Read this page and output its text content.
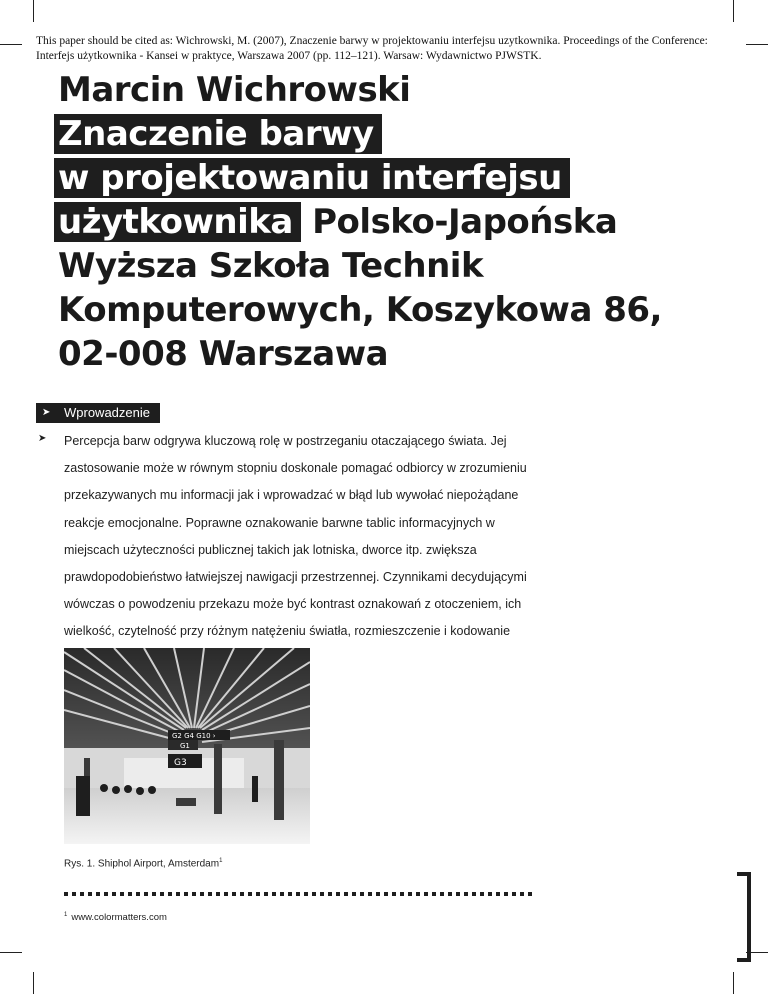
This paper should be cited as: Wichrowski, M. (2007), Znaczenie barwy w projektowaniu interfejsu uzytkownika. Proceedings of the Conference: Interfejs użytkownika - Kansei w praktyce, Warszawa 2007 (pp. 112–121). Warsaw: Wydawnictwo PJWSTK.
Marcin Wichrowski
Znaczenie barwy
w projektowaniu interfejsu
użytkownika Polsko-Japońska
Wyższa Szkoła Technik
Komputerowych, Koszykowa 86,
02-008 Warszawa
➤ Wprowadzenie
➤ Percepcja barw odgrywa kluczową rolę w postrzeganiu otaczającego świata. Jej zastosowanie może w równym stopniu doskonale pomagać odbiorcy w zrozumieniu przekazywanych mu informacji jak i wprowadzać w błąd lub wywołać niepożądane reakcje emocjonalne. Poprawne oznakowanie barwne tablic informacyjnych w miejscach użyteczności publicznej takich jak lotniska, dworce itp. zwiększa prawdopodobieństwo łatwiejszej nawigacji przestrzennej. Czynnikami decydującymi wówczas o powodzeniu przekazu może być kontrast oznakowań z otoczeniem, ich wielkość, czytelność przy różnym natężeniu światła, rozmieszczenie i kodowanie
G2 G4 G10 ›
G1
G3
Rys. 1. Shiphol Airport, Amsterdam$^1$
$^1$ www.colormatters.com
